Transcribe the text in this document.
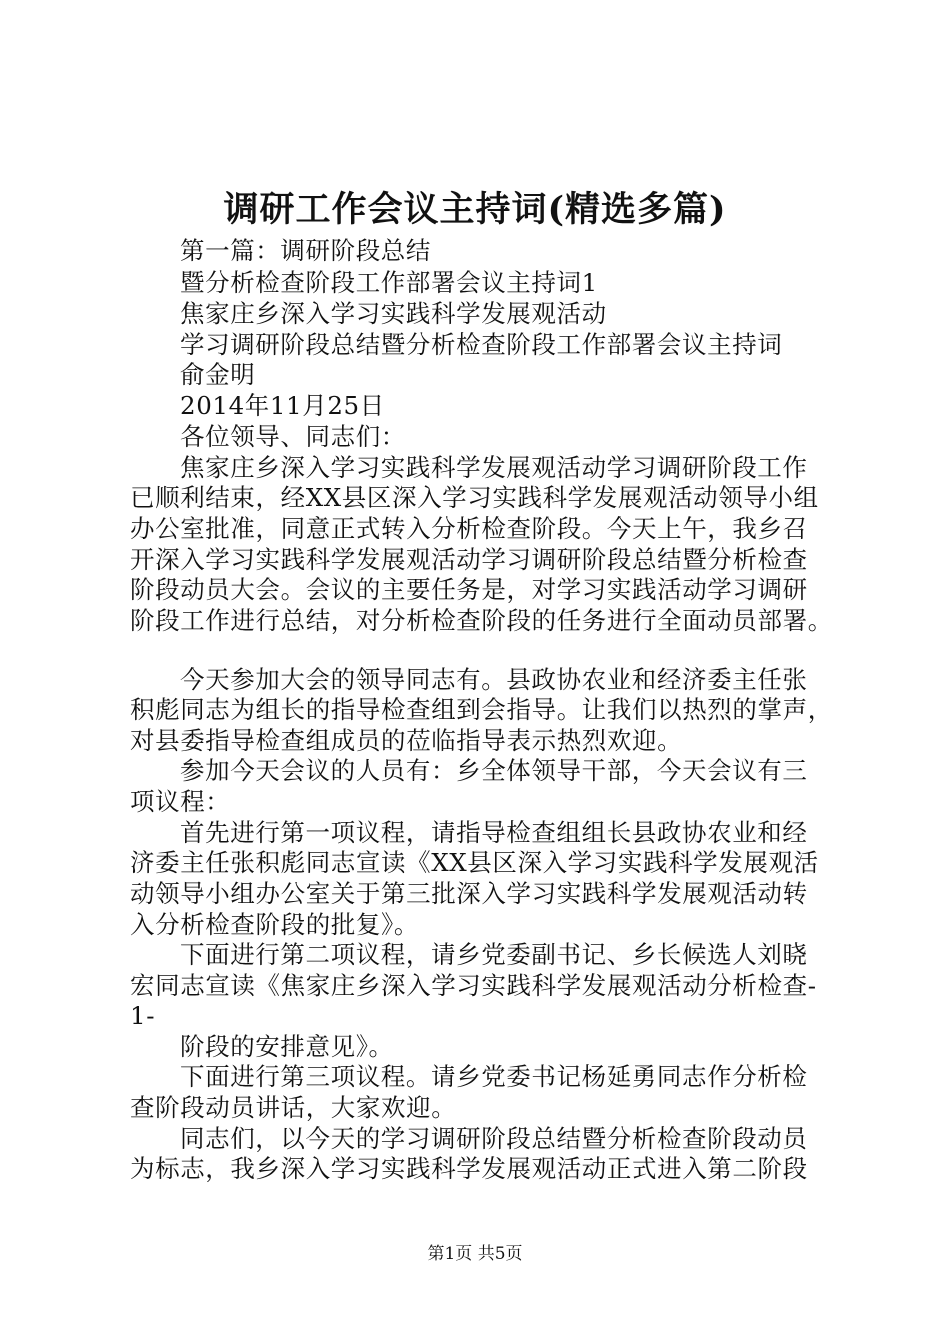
调研工作会议主持词(精选多篇)
第一篇：调研阶段总结
暨分析检查阶段工作部署会议主持词1
焦家庄乡深入学习实践科学发展观活动
学习调研阶段总结暨分析检查阶段工作部署会议主持词
俞金明
2014年11月25日
各位领导、同志们：
焦家庄乡深入学习实践科学发展观活动学习调研阶段工作
已顺利结束，经XX县区深入学习实践科学发展观活动领导小组
办公室批准，同意正式转入分析检查阶段。今天上午，我乡召
开深入学习实践科学发展观活动学习调研阶段总结暨分析检查
阶段动员大会。会议的主要任务是，对学习实践活动学习调研
阶段工作进行总结，对分析检查阶段的任务进行全面动员部署。
今天参加大会的领导同志有。县政协农业和经济委主任张
积彪同志为组长的指导检查组到会指导。让我们以热烈的掌声，
对县委指导检查组成员的莅临指导表示热烈欢迎。
参加今天会议的人员有：乡全体领导干部，今天会议有三
项议程：
首先进行第一项议程，请指导检查组组长县政协农业和经
济委主任张积彪同志宣读《XX县区深入学习实践科学发展观活
动领导小组办公室关于第三批深入学习实践科学发展观活动转
入分析检查阶段的批复》。
下面进行第二项议程，请乡党委副书记、乡长候选人刘晓
宏同志宣读《焦家庄乡深入学习实践科学发展观活动分析检查-
1-
阶段的安排意见》。
下面进行第三项议程。请乡党委书记杨延勇同志作分析检
查阶段动员讲话，大家欢迎。
同志们，以今天的学习调研阶段总结暨分析检查阶段动员
为标志，我乡深入学习实践科学发展观活动正式进入第二阶段
第1页 共5页
